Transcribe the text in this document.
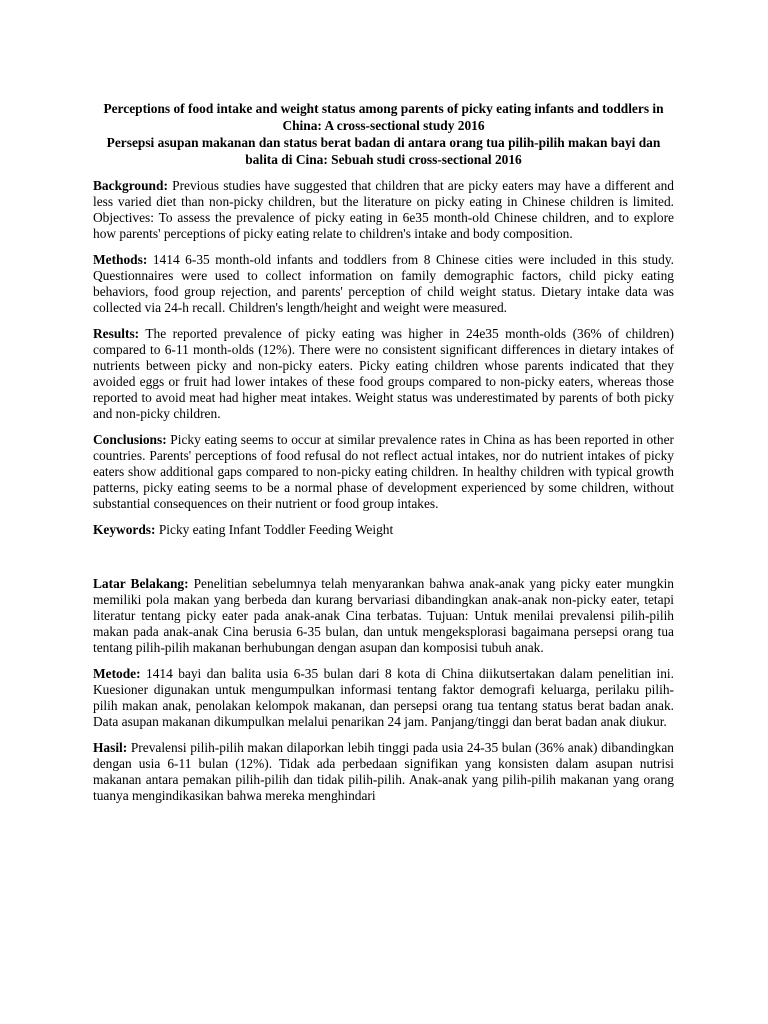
Perceptions of food intake and weight status among parents of picky eating infants and toddlers in China: A cross-sectional study 2016
Persepsi asupan makanan dan status berat badan di antara orang tua pilih-pilih makan bayi dan balita di Cina: Sebuah studi cross-sectional 2016

Background: Previous studies have suggested that children that are picky eaters may have a different and less varied diet than non-picky children, but the literature on picky eating in Chinese children is limited. Objectives: To assess the prevalence of picky eating in 6e35 month-old Chinese children, and to explore how parents' perceptions of picky eating relate to children's intake and body composition.

Methods: 1414 6-35 month-old infants and toddlers from 8 Chinese cities were included in this study. Questionnaires were used to collect information on family demographic factors, child picky eating behaviors, food group rejection, and parents' perception of child weight status. Dietary intake data was collected via 24-h recall. Children's length/height and weight were measured.

Results: The reported prevalence of picky eating was higher in 24e35 month-olds (36% of children) compared to 6-11 month-olds (12%). There were no consistent significant differences in dietary intakes of nutrients between picky and non-picky eaters. Picky eating children whose parents indicated that they avoided eggs or fruit had lower intakes of these food groups compared to non-picky eaters, whereas those reported to avoid meat had higher meat intakes. Weight status was underestimated by parents of both picky and non-picky children.

Conclusions: Picky eating seems to occur at similar prevalence rates in China as has been reported in other countries. Parents' perceptions of food refusal do not reflect actual intakes, nor do nutrient intakes of picky eaters show additional gaps compared to non-picky eating children. In healthy children with typical growth patterns, picky eating seems to be a normal phase of development experienced by some children, without substantial consequences on their nutrient or food group intakes.

Keywords: Picky eating Infant Toddler Feeding Weight

Latar Belakang: Penelitian sebelumnya telah menyarankan bahwa anak-anak yang picky eater mungkin memiliki pola makan yang berbeda dan kurang bervariasi dibandingkan anak-anak non-picky eater, tetapi literatur tentang picky eater pada anak-anak Cina terbatas. Tujuan: Untuk menilai prevalensi pilih-pilih makan pada anak-anak Cina berusia 6-35 bulan, dan untuk mengeksplorasi bagaimana persepsi orang tua tentang pilih-pilih makanan berhubungan dengan asupan dan komposisi tubuh anak.

Metode: 1414 bayi dan balita usia 6-35 bulan dari 8 kota di China diikutsertakan dalam penelitian ini. Kuesioner digunakan untuk mengumpulkan informasi tentang faktor demografi keluarga, perilaku pilih-pilih makan anak, penolakan kelompok makanan, dan persepsi orang tua tentang status berat badan anak. Data asupan makanan dikumpulkan melalui penarikan 24 jam. Panjang/tinggi dan berat badan anak diukur.

Hasil: Prevalensi pilih-pilih makan dilaporkan lebih tinggi pada usia 24-35 bulan (36% anak) dibandingkan dengan usia 6-11 bulan (12%). Tidak ada perbedaan signifikan yang konsisten dalam asupan nutrisi makanan antara pemakan pilih-pilih dan tidak pilih-pilih. Anak-anak yang pilih-pilih makanan yang orang tuanya mengindikasikan bahwa mereka menghindari
